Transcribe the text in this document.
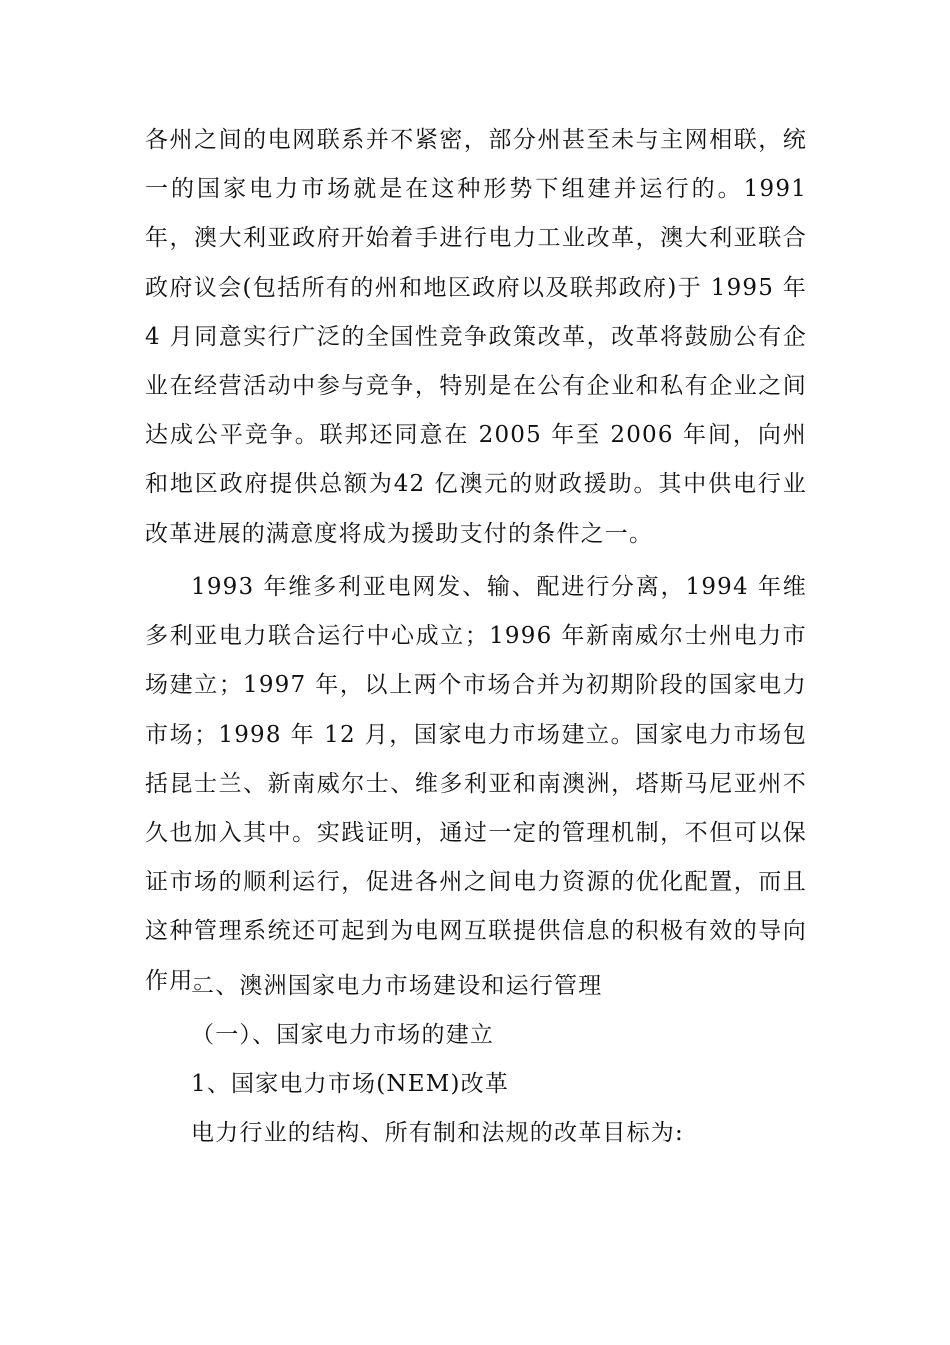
各州之间的电网联系并不紧密，部分州甚至未与主网相联，统一的国家电力市场就是在这种形势下组建并运行的。1991 年，澳大利亚政府开始着手进行电力工业改革，澳大利亚联合政府议会(包括所有的州和地区政府以及联邦政府)于 1995 年 4 月同意实行广泛的全国性竞争政策改革，改革将鼓励公有企业在经营活动中参与竞争，特别是在公有企业和私有企业之间达成公平竞争。联邦还同意在 2005 年至 2006 年间，向州和地区政府提供总额为42 亿澳元的财政援助。其中供电行业改革进展的满意度将成为援助支付的条件之一。

1993 年维多利亚电网发、输、配进行分离，1994 年维多利亚电力联合运行中心成立；1996 年新南威尔士州电力市场建立；1997 年，以上两个市场合并为初期阶段的国家电力市场；1998 年 12 月，国家电力市场建立。国家电力市场包括昆士兰、新南威尔士、维多利亚和南澳洲，塔斯马尼亚州不久也加入其中。实践证明，通过一定的管理机制，不但可以保证市场的顺利运行，促进各州之间电力资源的优化配置，而且这种管理系统还可起到为电网互联提供信息的积极有效的导向作用。

二、澳洲国家电力市场建设和运行管理

（一）、国家电力市场的建立

1、国家电力市场(NEM)改革

电力行业的结构、所有制和法规的改革目标为:
